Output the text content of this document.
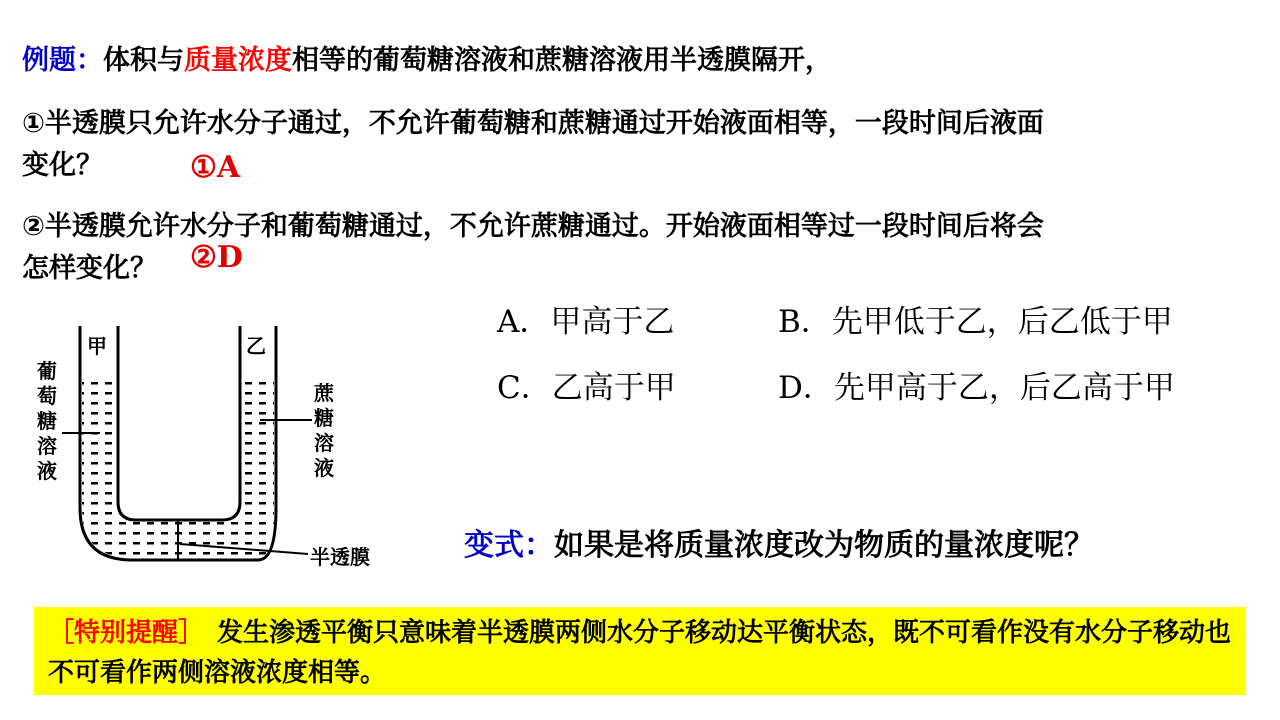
例题：体积与质量浓度相等的葡萄糖溶液和蔗糖溶液用半透膜隔开，
①半透膜只允许水分子通过，不允许葡萄糖和蔗糖通过开始液面相等，一段时间后液面
变化？	①A
②半透膜允许水分子和葡萄糖通过，不允许蔗糖通过。开始液面相等过一段时间后将会
怎样变化？ ②D
A．甲高于乙	B．先甲低于乙，后乙低于甲
C．乙高于甲	D．先甲高于乙，后乙高于甲
甲	乙
葡
萄
糖
溶
液
蔗
糖
溶
液
半透膜	变式：如果是将质量浓度改为物质的量浓度呢？
［特别提醒］　发生渗透平衡只意味着半透膜两侧水分子移动达平衡状态，既不可看作没有水分子移动也不可看作两侧溶液浓度相等。
